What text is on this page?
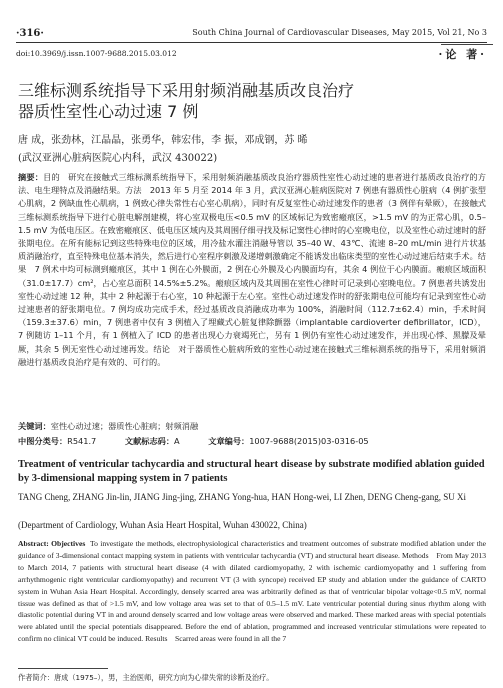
·316·	South China Journal of Cardiovascular Diseases, May 2015, Vol 21, No 3
doi:10.3969/j.issn.1007-9688.2015.03.012	·论 著·
三维标测系统指导下采用射频消融基质改良治疗
器质性室性心动过速 7 例
唐 成，张劲林，江晶晶，张勇华，韩宏伟，李 振，邓成钢，苏 晞
(武汉亚洲心脏病医院心内科，武汉 430022)
摘要：目的　研究在接触式三维标测系统指导下，采用射频消融基质改良治疗器质性室性心动过速的患者进行基质改良治疗的方法、电生理特点及消融结果。方法　2013 年 5 月至 2014 年 3 月，武汉亚洲心脏病医院对 7 例患有器质性心脏病（4 例扩张型心肌病，2 例缺血性心肌病，1 例致心律失常性右心室心肌病），同时有反复室性心动过速发作的患者（3 例伴有晕厥），在接触式三维标测系统指导下进行心脏电解剖建模，将心室双极电压<0.5 mV 的区域标记为致密瘢痕区，>1.5 mV 的为正常心肌，0.5–1.5 mV 为低电压区。在致密瘢痕区、低电压区域内及其周围仔细寻找及标记窦性心律时的心室晚电位，以及室性心动过速时的舒张期电位。在所有能标记到这些特殊电位的区域，用冷盐水灌注消融导管以 35–40 W、43℃、流速 8–20 mL/min 进行片状基质消融治疗，直至特殊电位基本消失，然后进行心室程序刺激及递增刺激确定不能诱发出临床类型的室性心动过速后结束手术。结果　7 例术中均可标测到瘢痕区，其中 1 例在心外膜面，2 例在心外膜及心内膜面均有，其余 4 例位于心内膜面。瘢痕区域面积（31.0±17.7）cm²，占心室总面积 14.5%±5.2%。瘢痕区域内及其周围在室性心律时可记录到心室晚电位。7 例患者共诱发出室性心动过速 12 种，其中 2 种起源于右心室，10 种起源于左心室。室性心动过速发作时的舒张期电位可能均有记录到室性心动过速患者的舒张期电位。7 例均成功完成手术，经过基质改良消融成功率为 100%，消融时间（112.7±62.4）min，手术时间（159.3±37.6）min，7 例患者中仅有 3 例植入了埋藏式心脏复律除颤器（implantable cardioverter defibrillator，ICD），7 例随访 1–11 个月，有 1 例植入了 ICD 的患者出现心力衰竭死亡，另有 1 例仍有室性心动过速发作，并出现心悸、黑朦及晕厥，其余 5 例无室性心动过速再发。结论　对于器质性心脏病所致的室性心动过速在接触式三维标测系统的指导下，采用射频消融进行基质改良治疗是有效的、可行的。
关键词：室性心动过速；器质性心脏病；射频消融
中图分类号：R541.7	文献标志码：A	文章编号：1007-9688(2015)03-0316-05
Treatment of ventricular tachycardia and structural heart disease by substrate modified ablation guided by 3-dimensional mapping system in 7 patients
TANG Cheng, ZHANG Jin-lin, JIANG Jing-jing, ZHANG Yong-hua, HAN Hong-wei, LI Zhen, DENG Cheng-gang, SU Xi
(Department of Cardiology, Wuhan Asia Heart Hospital, Wuhan 430022, China)
Abstract: Objectives To investigate the methods, electrophysiological characteristics and treatment outcomes of substrate modified ablation under the guidance of 3-dimensional contact mapping system in patients with ventricular tachycardia (VT) and structural heart disease. Methods　From May 2013 to March 2014, 7 patients with structural heart disease (4 with dilated cardiomyopathy, 2 with ischemic cardiomyopathy and 1 suffering from arrhythmogenic right ventricular cardiomyopathy) and recurrent VT (3 with syncope) received EP study and ablation under the guidance of CARTO system in Wuhan Asia Heart Hospital. Accordingly, densely scarred area was arbitrarily defined as that of ventricular bipolar voltage<0.5 mV, normal tissue was defined as that of >1.5 mV, and low voltage area was set to that of 0.5–1.5 mV. Late ventricular potential during sinus rhythm along with diastolic potential during VT in and around densely scarred and low voltage areas were observed and marked. These marked areas with special potentials were ablated until the special potentials disappeared. Before the end of ablation, programmed and increased ventricular stimulations were repeated to confirm no clinical VT could be induced. Results　Scarred areas were found in all the 7
作者简介：唐成（1975–），男，主治医师，研究方向为心律失常的诊断及治疗。
